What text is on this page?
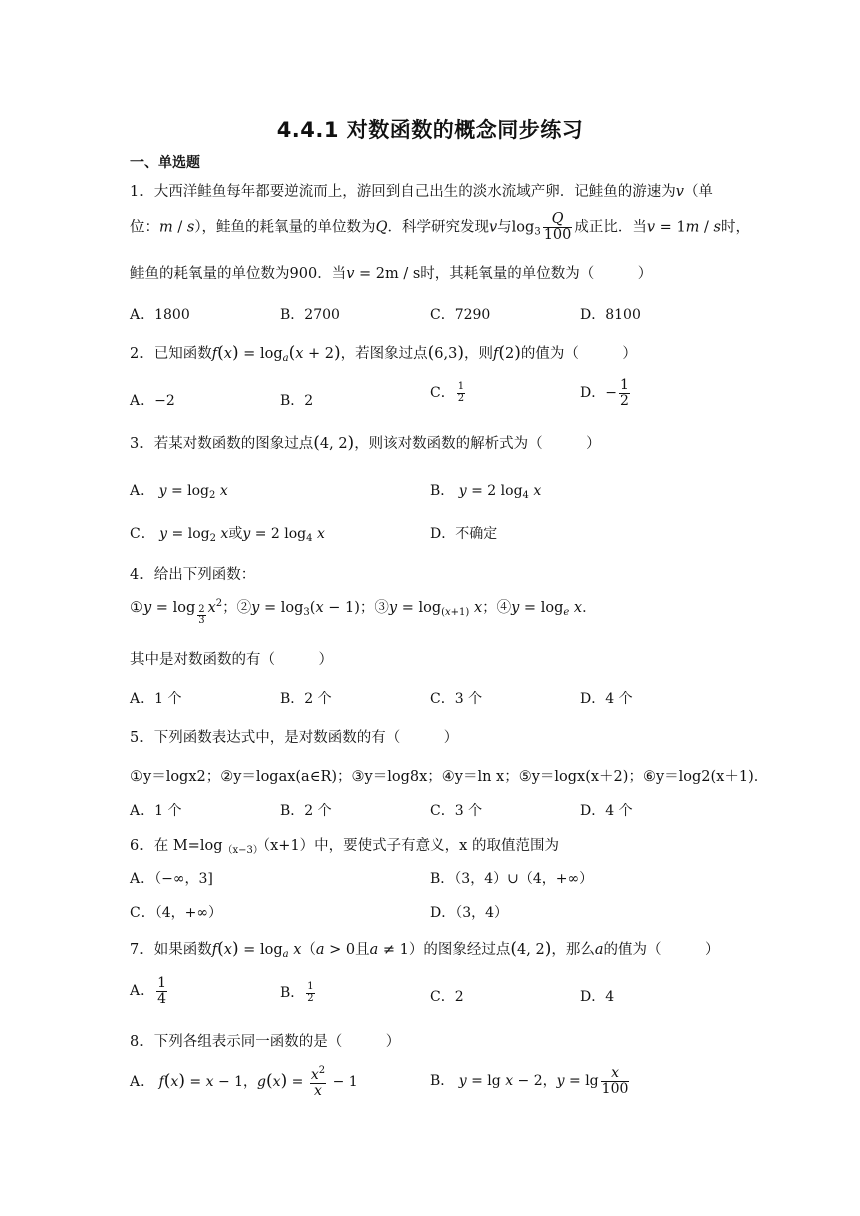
4.4.1 对数函数的概念同步练习
一、单选题
1．大西洋鲑鱼每年都要逆流而上，游回到自己出生的淡水流域产卵．记鲑鱼的游速为v（单
位：m / s），鲑鱼的耗氧量的单位数为Q．科学研究发现v与$\log_3 \frac{Q}{100}$ 成正比．当v = 1m / s时，
鲑鱼的耗氧量的单位数为900．当v = 2m / s时，其耗氧量的单位数为（　　　）
A．1800	B．2700	C．7290	D．8100
2．已知函数$f(x) = \log_a(x + 2)$，若图象过点(6,3)，则f(2)的值为（　　　）
A．−2	B．2	C． $\frac{1}{2}$	D．− $\frac{1}{2}$
3．若某对数函数的图象过点(4, 2)，则该对数函数的解析式为（　　　）
A． $y = \log_2 x$	B． y = 2 $\log_4 x$
C． $y = \log_2 x$或y = 2 $\log_4 x$	D．不确定
4．给出下列函数：
①y = log $_{\frac{2}{3}}$ $x^2$；②y = $\log_3(x - 1)$；③y = $\log_{(x+1)} x$；④y = $\log_e x$．
其中是对数函数的有（　　　）
A．1 个	B．2 个	C．3 个	D．4 个
5．下列函数表达式中，是对数函数的有（　　　）
①y＝logx2；②y＝logax(a∈R)；③y＝log8x；④y＝ln x；⑤y＝logx(x＋2)；⑥y＝log2(x＋1)．
A．1 个	B．2 个	C．3 个	D．4 个
6．在 $M=\log_{(x-3)}(x+1)$中，要使式子有意义，x 的取值范围为
A．（−∞，3]	B．（3，4）∪（4，+∞）
C．（4，+∞）	D．（3，4）
7．如果函数$f(x) = \log_a x(a > 0$且a ≠ 1）的图象经过点(4, 2)，那么a的值为（　　　）
A． $\frac{1}{4}$	B． $\frac{1}{2}$	C．2	D．4
8．下列各组表示同一函数的是（　　　）
A． f(x) = x − 1，$g(x) = \frac{x^2}{x} - 1$	B． y = lg x − 2，$y = \lg \frac{x}{100}$
